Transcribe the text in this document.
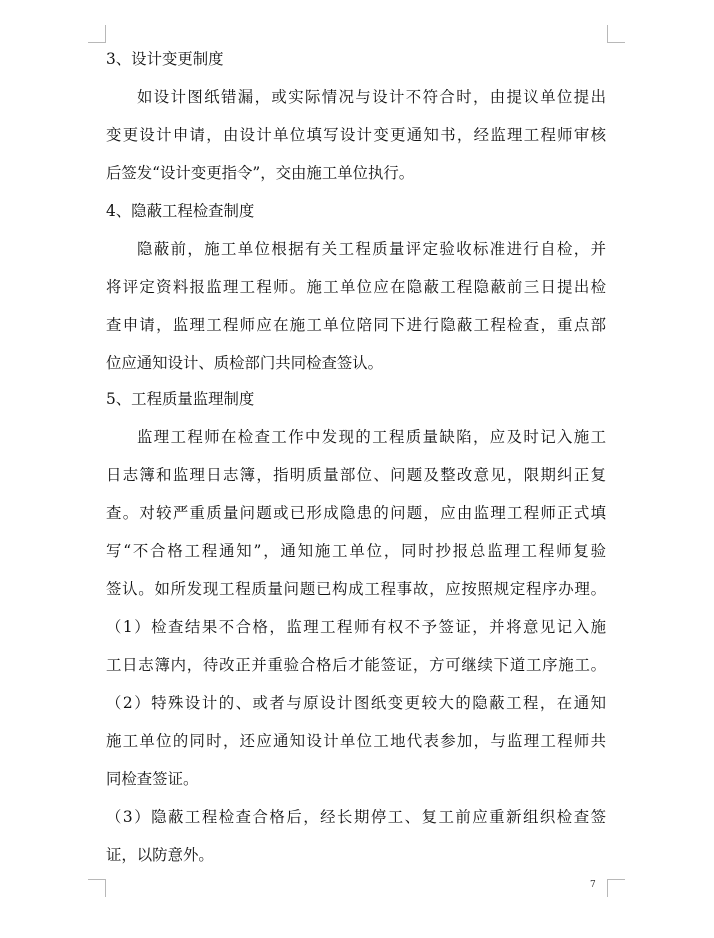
3、设计变更制度
如设计图纸错漏，或实际情况与设计不符合时，由提议单位提出
变更设计申请，由设计单位填写设计变更通知书，经监理工程师审核
后签发“设计变更指令”，交由施工单位执行。
4、隐蔽工程检查制度
隐蔽前，施工单位根据有关工程质量评定验收标准进行自检，并
将评定资料报监理工程师。施工单位应在隐蔽工程隐蔽前三日提出检
查申请，监理工程师应在施工单位陪同下进行隐蔽工程检查，重点部
位应通知设计、质检部门共同检查签认。
5、工程质量监理制度
监理工程师在检查工作中发现的工程质量缺陷，应及时记入施工
日志簿和监理日志簿，指明质量部位、问题及整改意见，限期纠正复
查。对较严重质量问题或已形成隐患的问题，应由监理工程师正式填
写“不合格工程通知”，通知施工单位，同时抄报总监理工程师复验
签认。如所发现工程质量问题已构成工程事故，应按照规定程序办理。
（1）检查结果不合格，监理工程师有权不予签证，并将意见记入施
工日志簿内，待改正并重验合格后才能签证，方可继续下道工序施工。
（2）特殊设计的、或者与原设计图纸变更较大的隐蔽工程，在通知
施工单位的同时，还应通知设计单位工地代表参加，与监理工程师共
同检查签证。
（3）隐蔽工程检查合格后，经长期停工、复工前应重新组织检查签
证，以防意外。
7
